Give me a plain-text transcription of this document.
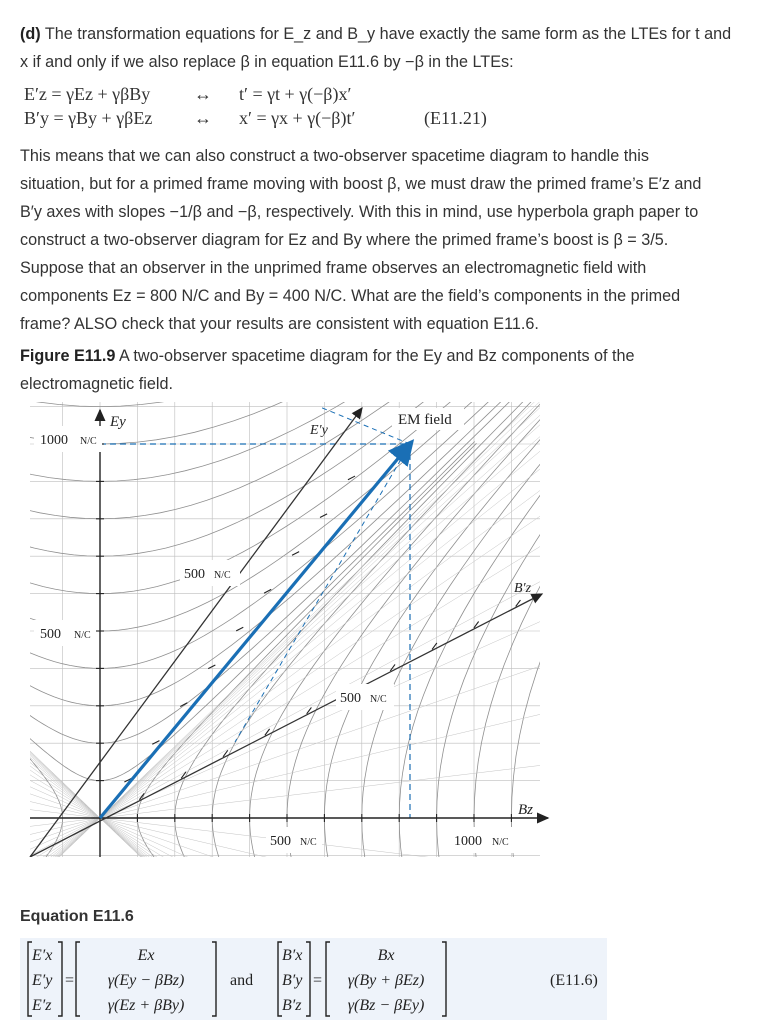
(d) The transformation equations for E_z and B_y have exactly the same form as the LTEs for t and
x if and only if we also replace β in equation E11.6 by −β in the LTEs:
E′z = γEz + γβBy ↔ t′ = γt + γ(−β)x′
B′y = γBy + γβEz ↔ x′ = γx + γ(−β)t′	(E11.21)
This means that we can also construct a two-observer spacetime diagram to handle this
situation, but for a primed frame moving with boost β, we must draw the primed frame’s E′z and
B′y axes with slopes −1/β and −β, respectively. With this in mind, use hyperbola graph paper to
construct a two-observer diagram for Ez and By where the primed frame’s boost is β = 3/5.
Suppose that an observer in the unprimed frame observes an electromagnetic field with
components Ez = 800 N/C and By = 400 N/C. What are the field’s components in the primed
frame? ALSO check that your results are consistent with equation E11.6.
Figure E11.9 A two-observer spacetime diagram for the Ey and Bz components of the
electromagnetic field.
1000 N/C
500 N/C
500 N/C
500 N/C
500 N/C	1000 N/C
EM field
Ey
Bz
E′y
B′z
Equation E11.6
E′x
E′y
E′z
=
Ex
γ(Ey − βBz)
γ(Ez + βBy)
and
B′x
B′y
B′z
=
Bx
γ(By + βEz)
γ(Bz − βEy)
(E11.6)
